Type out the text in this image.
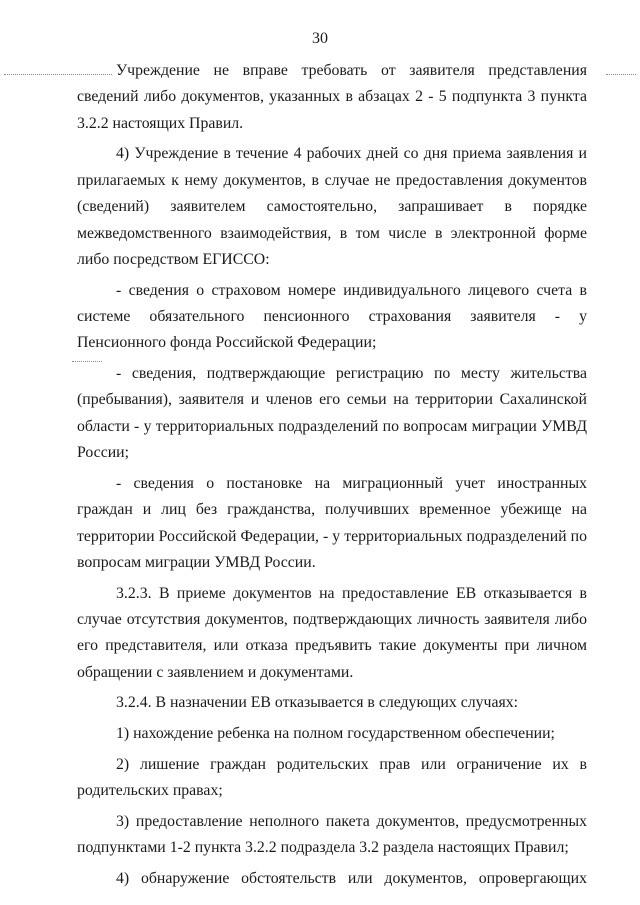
30

Учреждение не вправе требовать от заявителя представления сведений либо документов, указанных в абзацах 2 - 5 подпункта 3 пункта 3.2.2 настоящих Правил.

4) Учреждение в течение 4 рабочих дней со дня приема заявления и прилагаемых к нему документов, в случае не предоставления документов (сведений) заявителем самостоятельно, запрашивает в порядке межведомственного взаимодействия, в том числе в электронной форме либо посредством ЕГИССО:

- сведения о страховом номере индивидуального лицевого счета в системе обязательного пенсионного страхования заявителя - у Пенсионного фонда Российской Федерации;

- сведения, подтверждающие регистрацию по месту жительства (пребывания), заявителя и членов его семьи на территории Сахалинской области - у территориальных подразделений по вопросам миграции УМВД России;

- сведения о постановке на миграционный учет иностранных граждан и лиц без гражданства, получивших временное убежище на территории Российской Федерации, - у территориальных подразделений по вопросам миграции УМВД России.

3.2.3. В приеме документов на предоставление ЕВ отказывается в случае отсутствия документов, подтверждающих личность заявителя либо его представителя, или отказа предъявить такие документы при личном обращении с заявлением и документами.

3.2.4. В назначении ЕВ отказывается в следующих случаях:

1) нахождение ребенка на полном государственном обеспечении;

2) лишение граждан родительских прав или ограничение их в родительских правах;

3) предоставление неполного пакета документов, предусмотренных подпунктами 1-2 пункта 3.2.2 подраздела 3.2 раздела настоящих Правил;

4) обнаружение обстоятельств или документов, опровергающих
